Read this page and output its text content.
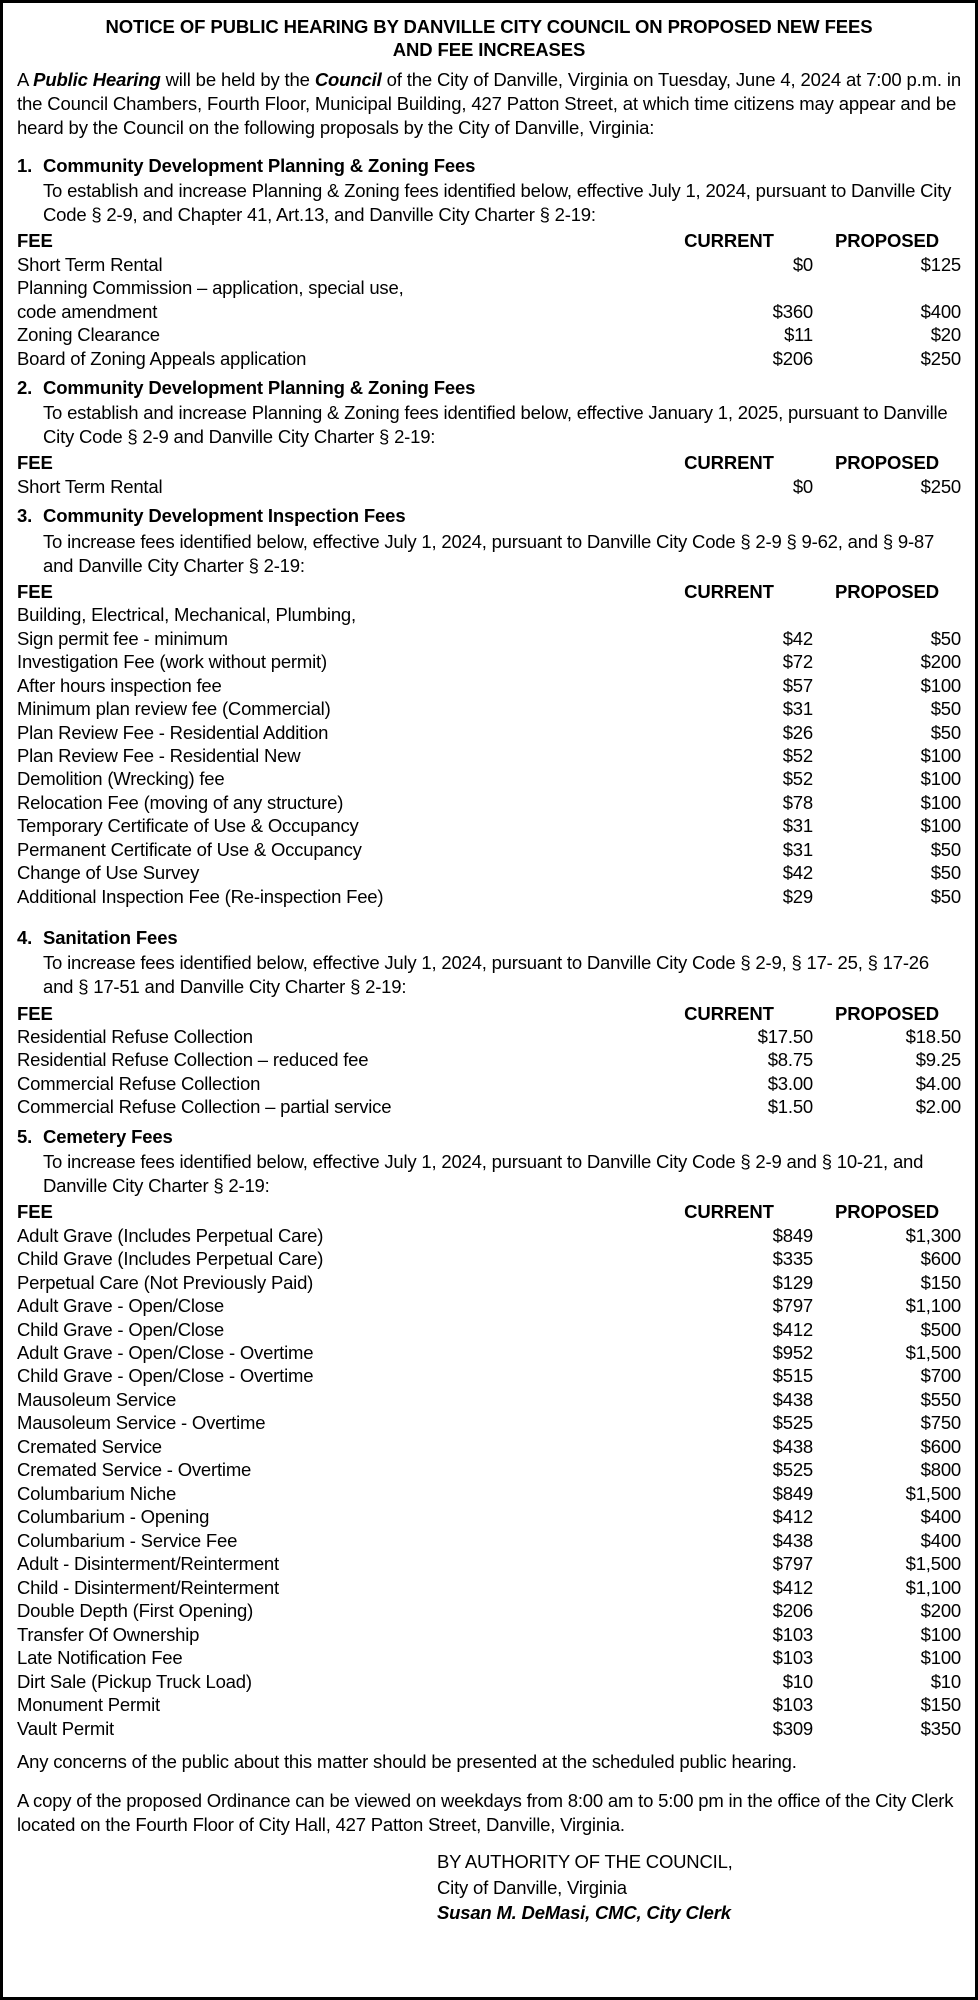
NOTICE OF PUBLIC HEARING BY DANVILLE CITY COUNCIL ON PROPOSED NEW FEES
AND FEE INCREASES

A Public Hearing will be held by the Council of the City of Danville, Virginia on Tuesday, June 4, 2024 at 7:00 p.m. in the Council Chambers, Fourth Floor, Municipal Building, 427 Patton Street, at which time citizens may appear and be heard by the Council on the following proposals by the City of Danville, Virginia:

1. Community Development Planning & Zoning Fees

To establish and increase Planning & Zoning fees identified below, effective July 1, 2024, pursuant to Danville City Code § 2-9, and Chapter 41, Art.13, and Danville City Charter § 2-19:

FEE	CURRENT	PROPOSED
Short Term Rental	$0	$125
Planning Commission – application, special use,		
code amendment	$360	$400
Zoning Clearance	$11	$20
Board of Zoning Appeals application	$206	$250
2. Community Development Planning & Zoning Fees

To establish and increase Planning & Zoning fees identified below, effective January 1, 2025, pursuant to Danville City Code § 2-9 and Danville City Charter § 2-19:

FEE	CURRENT	PROPOSED
Short Term Rental	$0	$250
3. Community Development Inspection Fees

To increase fees identified below, effective July 1, 2024, pursuant to Danville City Code § 2-9 § 9-62, and § 9-87 and Danville City Charter § 2-19:

FEE	CURRENT	PROPOSED
Building, Electrical, Mechanical, Plumbing,		
Sign permit fee - minimum	$42	$50
Investigation Fee (work without permit)	$72	$200
After hours inspection fee	$57	$100
Minimum plan review fee (Commercial)	$31	$50
Plan Review Fee - Residential Addition	$26	$50
Plan Review Fee - Residential New	$52	$100
Demolition (Wrecking) fee	$52	$100
Relocation Fee (moving of any structure)	$78	$100
Temporary Certificate of Use & Occupancy	$31	$100
Permanent Certificate of Use & Occupancy	$31	$50
Change of Use Survey	$42	$50
Additional Inspection Fee (Re-inspection Fee)	$29	$50

4. Sanitation Fees

To increase fees identified below, effective July 1, 2024, pursuant to Danville City Code § 2-9, § 17- 25, § 17-26 and § 17-51 and Danville City Charter § 2-19:

FEE	CURRENT	PROPOSED
Residential Refuse Collection	$17.50	$18.50
Residential Refuse Collection – reduced fee	$8.75	$9.25
Commercial Refuse Collection	$3.00	$4.00
Commercial Refuse Collection – partial service	$1.50	$2.00
5. Cemetery Fees

To increase fees identified below, effective July 1, 2024, pursuant to Danville City Code § 2-9 and § 10-21, and Danville City Charter § 2-19:

FEE	CURRENT	PROPOSED
Adult Grave (Includes Perpetual Care)	$849	$1,300
Child Grave (Includes Perpetual Care)	$335	$600
Perpetual Care (Not Previously Paid)	$129	$150
Adult Grave - Open/Close	$797	$1,100
Child Grave - Open/Close	$412	$500
Adult Grave - Open/Close - Overtime	$952	$1,500
Child Grave - Open/Close - Overtime	$515	$700
Mausoleum Service	$438	$550
Mausoleum Service - Overtime	$525	$750
Cremated Service	$438	$600
Cremated Service - Overtime	$525	$800
Columbarium Niche	$849	$1,500
Columbarium - Opening	$412	$400
Columbarium - Service Fee	$438	$400
Adult - Disinterment/Reinterment	$797	$1,500
Child - Disinterment/Reinterment	$412	$1,100
Double Depth (First Opening)	$206	$200
Transfer Of Ownership	$103	$100
Late Notification Fee	$103	$100
Dirt Sale (Pickup Truck Load)	$10	$10
Monument Permit	$103	$150
Vault Permit	$309	$350

Any concerns of the public about this matter should be presented at the scheduled public hearing.

A copy of the proposed Ordinance can be viewed on weekdays from 8:00 am to 5:00 pm in the office of the City Clerk located on the Fourth Floor of City Hall, 427 Patton Street, Danville, Virginia.

BY AUTHORITY OF THE COUNCIL,
City of Danville, Virginia
Susan M. DeMasi, CMC, City Clerk
